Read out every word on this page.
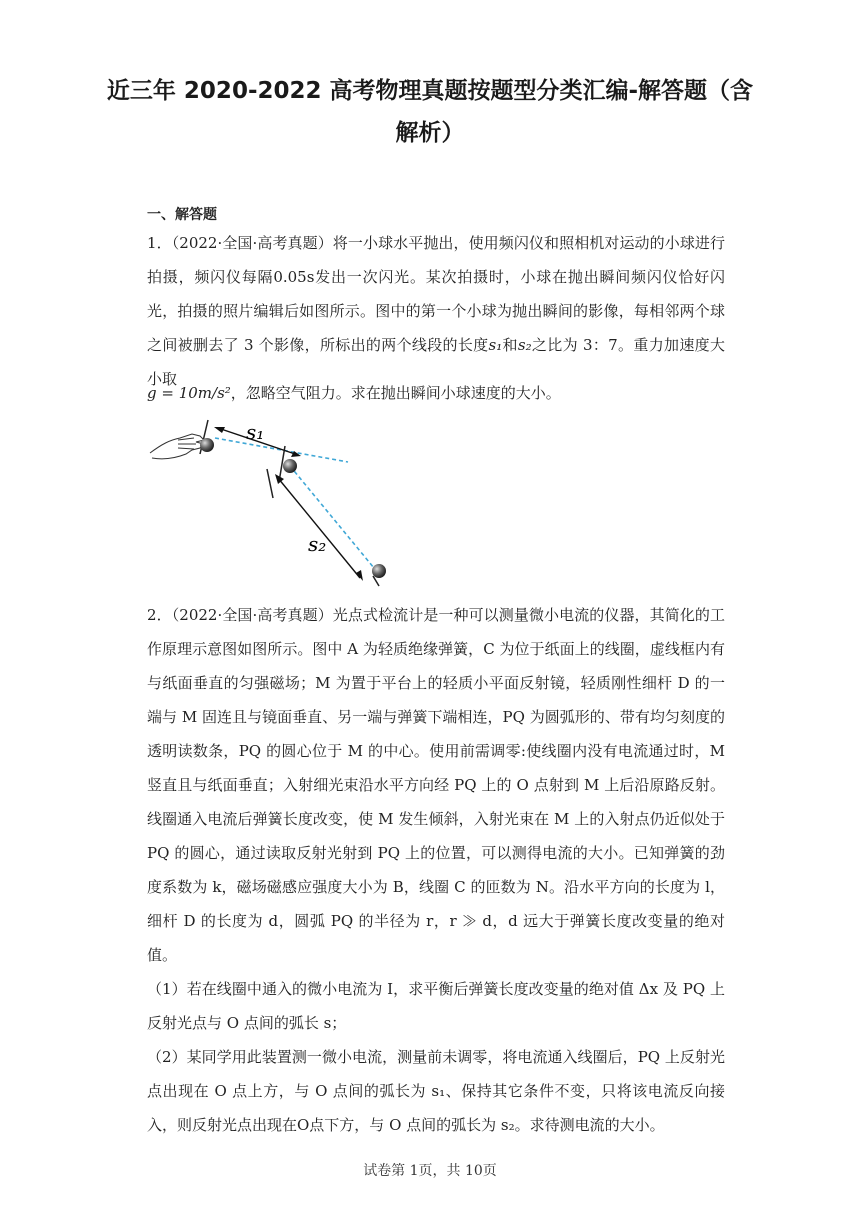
近三年 2020-2022 高考物理真题按题型分类汇编-解答题（含
解析）
一、解答题

1．（2022·全国·高考真题）将一小球水平抛出，使用频闪仪和照相机对运动的小球进行拍摄，频闪仪每隔0.05s发出一次闪光。某次拍摄时，小球在抛出瞬间频闪仪恰好闪光，拍摄的照片编辑后如图所示。图中的第一个小球为抛出瞬间的影像，每相邻两个球之间被删去了 3 个影像，所标出的两个线段的长度s₁和s₂之比为 3：7。重力加速度大小取

g = 10m/s²，忽略空气阻力。求在抛出瞬间小球速度的大小。
s₁
s₂

2．（2022·全国·高考真题）光点式检流计是一种可以测量微小电流的仪器，其简化的工作原理示意图如图所示。图中 A 为轻质绝缘弹簧，C 为位于纸面上的线圈，虚线框内有与纸面垂直的匀强磁场；M 为置于平台上的轻质小平面反射镜，轻质刚性细杆 D 的一端与 M 固连且与镜面垂直、另一端与弹簧下端相连，PQ 为圆弧形的、带有均匀刻度的透明读数条，PQ 的圆心位于 M 的中心。使用前需调零:使线圈内没有电流通过时，M 竖直且与纸面垂直；入射细光束沿水平方向经 PQ 上的 O 点射到 M 上后沿原路反射。线圈通入电流后弹簧长度改变，使 M 发生倾斜，入射光束在 M 上的入射点仍近似处于 PQ 的圆心，通过读取反射光射到 PQ 上的位置，可以测得电流的大小。已知弹簧的劲度系数为 k，磁场磁感应强度大小为 B，线圈 C 的匝数为 N。沿水平方向的长度为 l，细杆 D 的长度为 d，圆弧 PQ 的半径为 r，r ≫ d，d 远大于弹簧长度改变量的绝对值。

（1）若在线圈中通入的微小电流为 I，求平衡后弹簧长度改变量的绝对值 Δx 及 PQ 上反射光点与 O 点间的弧长 s；

（2）某同学用此装置测一微小电流，测量前未调零，将电流通入线圈后，PQ 上反射光点出现在 O 点上方，与 O 点间的弧长为 s₁、保持其它条件不变，只将该电流反向接入，则反射光点出现在O点下方，与 O 点间的弧长为 s₂。求待测电流的大小。

试卷第 1页，共 10页
